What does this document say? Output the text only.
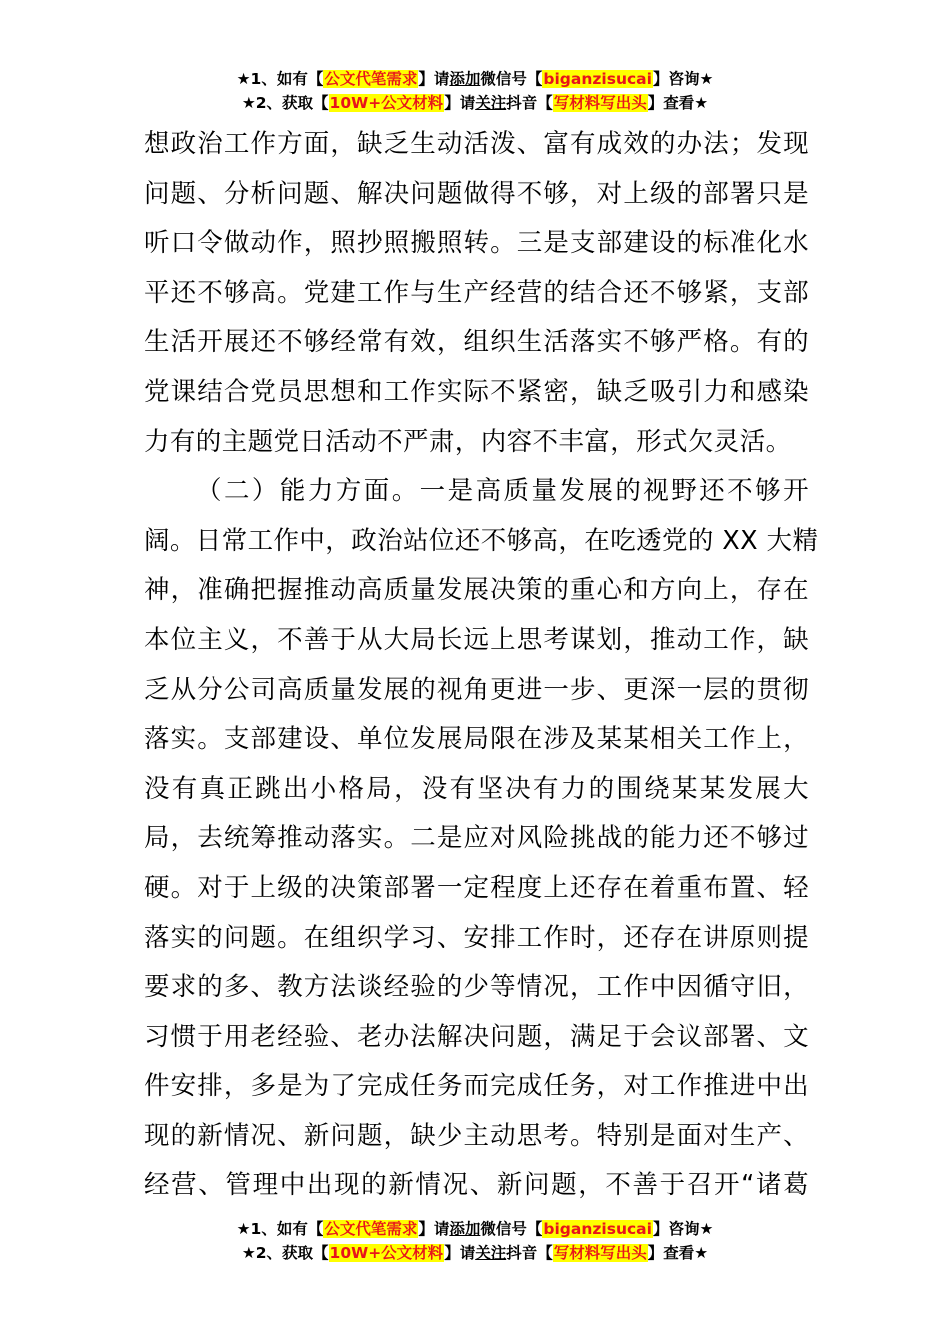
★1、如有【公文代笔需求】请添加微信号【biganzisucai】咨询★
★2、获取【10W+公文材料】请关注抖音【写材料写出头】查看★

想政治工作方面，缺乏生动活泼、富有成效的办法；发现
问题、分析问题、解决问题做得不够，对上级的部署只是
听口令做动作，照抄照搬照转。三是支部建设的标准化水
平还不够高。党建工作与生产经营的结合还不够紧，支部
生活开展还不够经常有效，组织生活落实不够严格。有的
党课结合党员思想和工作实际不紧密，缺乏吸引力和感染
力有的主题党日活动不严肃，内容不丰富，形式欠灵活。

（二）能力方面。一是高质量发展的视野还不够开
阔。日常工作中，政治站位还不够高，在吃透党的 XX 大精
神，准确把握推动高质量发展决策的重心和方向上，存在
本位主义，不善于从大局长远上思考谋划，推动工作，缺
乏从分公司高质量发展的视角更进一步、更深一层的贯彻
落实。支部建设、单位发展局限在涉及某某相关工作上，
没有真正跳出小格局，没有坚决有力的围绕某某发展大
局，去统筹推动落实。二是应对风险挑战的能力还不够过
硬。对于上级的决策部署一定程度上还存在着重布置、轻
落实的问题。在组织学习、安排工作时，还存在讲原则提
要求的多、教方法谈经验的少等情况，工作中因循守旧，
习惯于用老经验、老办法解决问题，满足于会议部署、文
件安排，多是为了完成任务而完成任务，对工作推进中出
现的新情况、新问题，缺少主动思考。特别是面对生产、
经营、管理中出现的新情况、新问题，不善于召开“诸葛

★1、如有【公文代笔需求】请添加微信号【biganzisucai】咨询★
★2、获取【10W+公文材料】请关注抖音【写材料写出头】查看★
